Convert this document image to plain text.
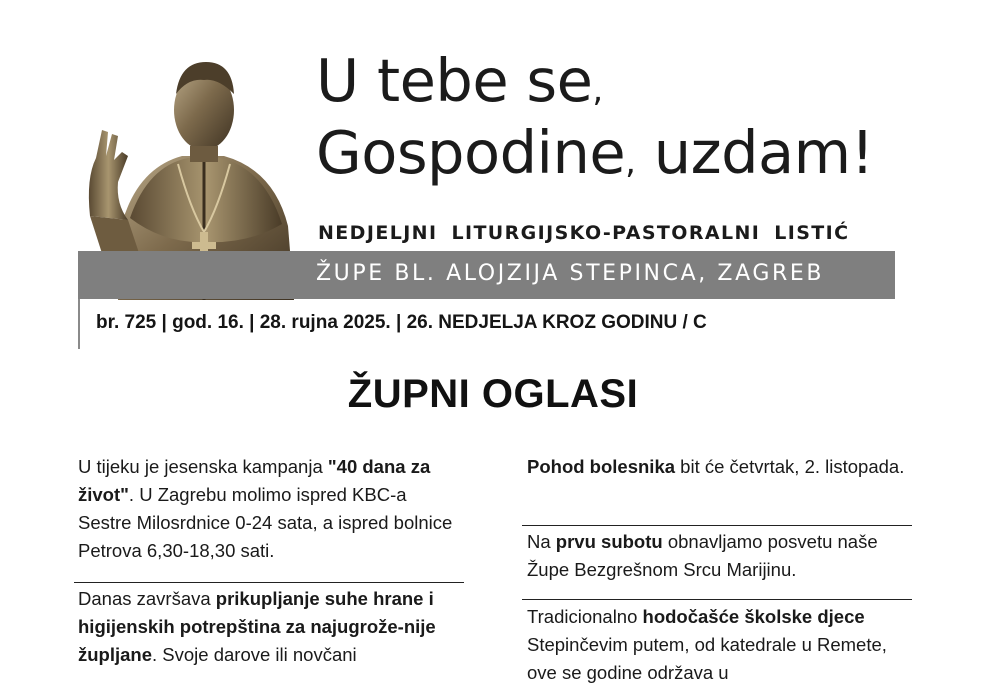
U tebe se,
Gospodine, uzdam!
NEDJELJNI LITURGIJSKO-PASTORALNI LISTIĆ
ŽUPE BL. ALOJZIJA STEPINCA, ZAGREB
br. 725 | god. 16. | 28. rujna 2025. | 26. NEDJELJA KROZ GODINU / C
ŽUPNI OGLASI
U tijeku je jesenska kampanja "40 dana za život". U Zagrebu molimo ispred KBC-a Sestre Milosrdnice 0-24 sata, a ispred bolnice Petrova 6,30-18,30 sati.
Danas završava prikupljanje suhe hrane i higijenskih potrepština za najugrože-nije župljane. Svoje darove ili novčani
Pohod bolesnika bit će četvrtak, 2. listopada.
Na prvu subotu obnavljamo posvetu naše Župe Bezgrešnom Srcu Marijinu.
Tradicionalno hodočašće školske djece Stepinčevim putem, od katedrale u Remete, ove se godine održava u
